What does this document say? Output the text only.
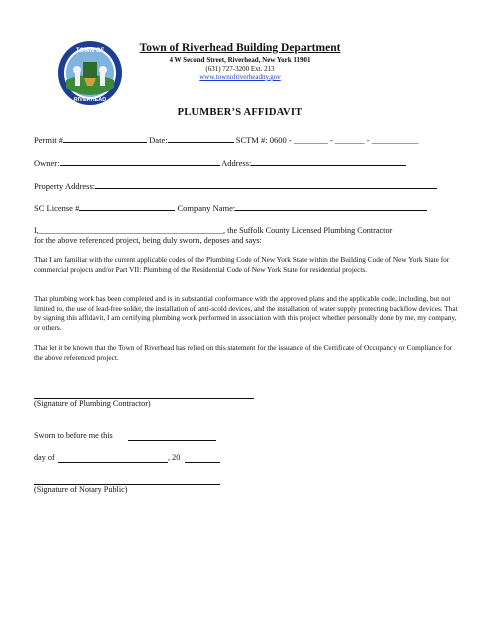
TOWN OF
RIVERHEAD
Town of Riverhead Building Department
4 W Second Street, Riverhead, New York 11901
(631) 727-3200 Ext. 213
www.townofriverheadny.gov
PLUMBER’S AFFIDAVIT
Permit #	Date:	SCTM #: 0600 - ________ - _______ - ___________
Owner:	Address:
Property Address:
SC License #	Company Name:
I,_____________________________________________, the Suffolk County Licensed Plumbing Contractor
for the above referenced project, being duly sworn, deposes and says:
That I am familiar with the current applicable codes of the Plumbing Code of New York State within the Building Code of New York State for commercial projects and/or Part VII: Plumbing of the Residential Code of New York State for residential projects.
That plumbing work has been completed and is in substantial conformance with the approved plans and the applicable code, including, but not limited to, the use of lead-free solder, the installation of anti-scold devices, and the installation of water supply protecting backflow devices. That by signing this affidavit, I am certifying plumbing work performed in association with this project whether personally done by me, my company, or others.
That let it be known that the Town of Riverhead has relied on this statement for the issuance of the Certificate of Occupancy or Compliance for the above referenced project.
(Signature of Plumbing Contractor)
Sworn to before me this
day of	, 20
(Signature of Notary Public)
